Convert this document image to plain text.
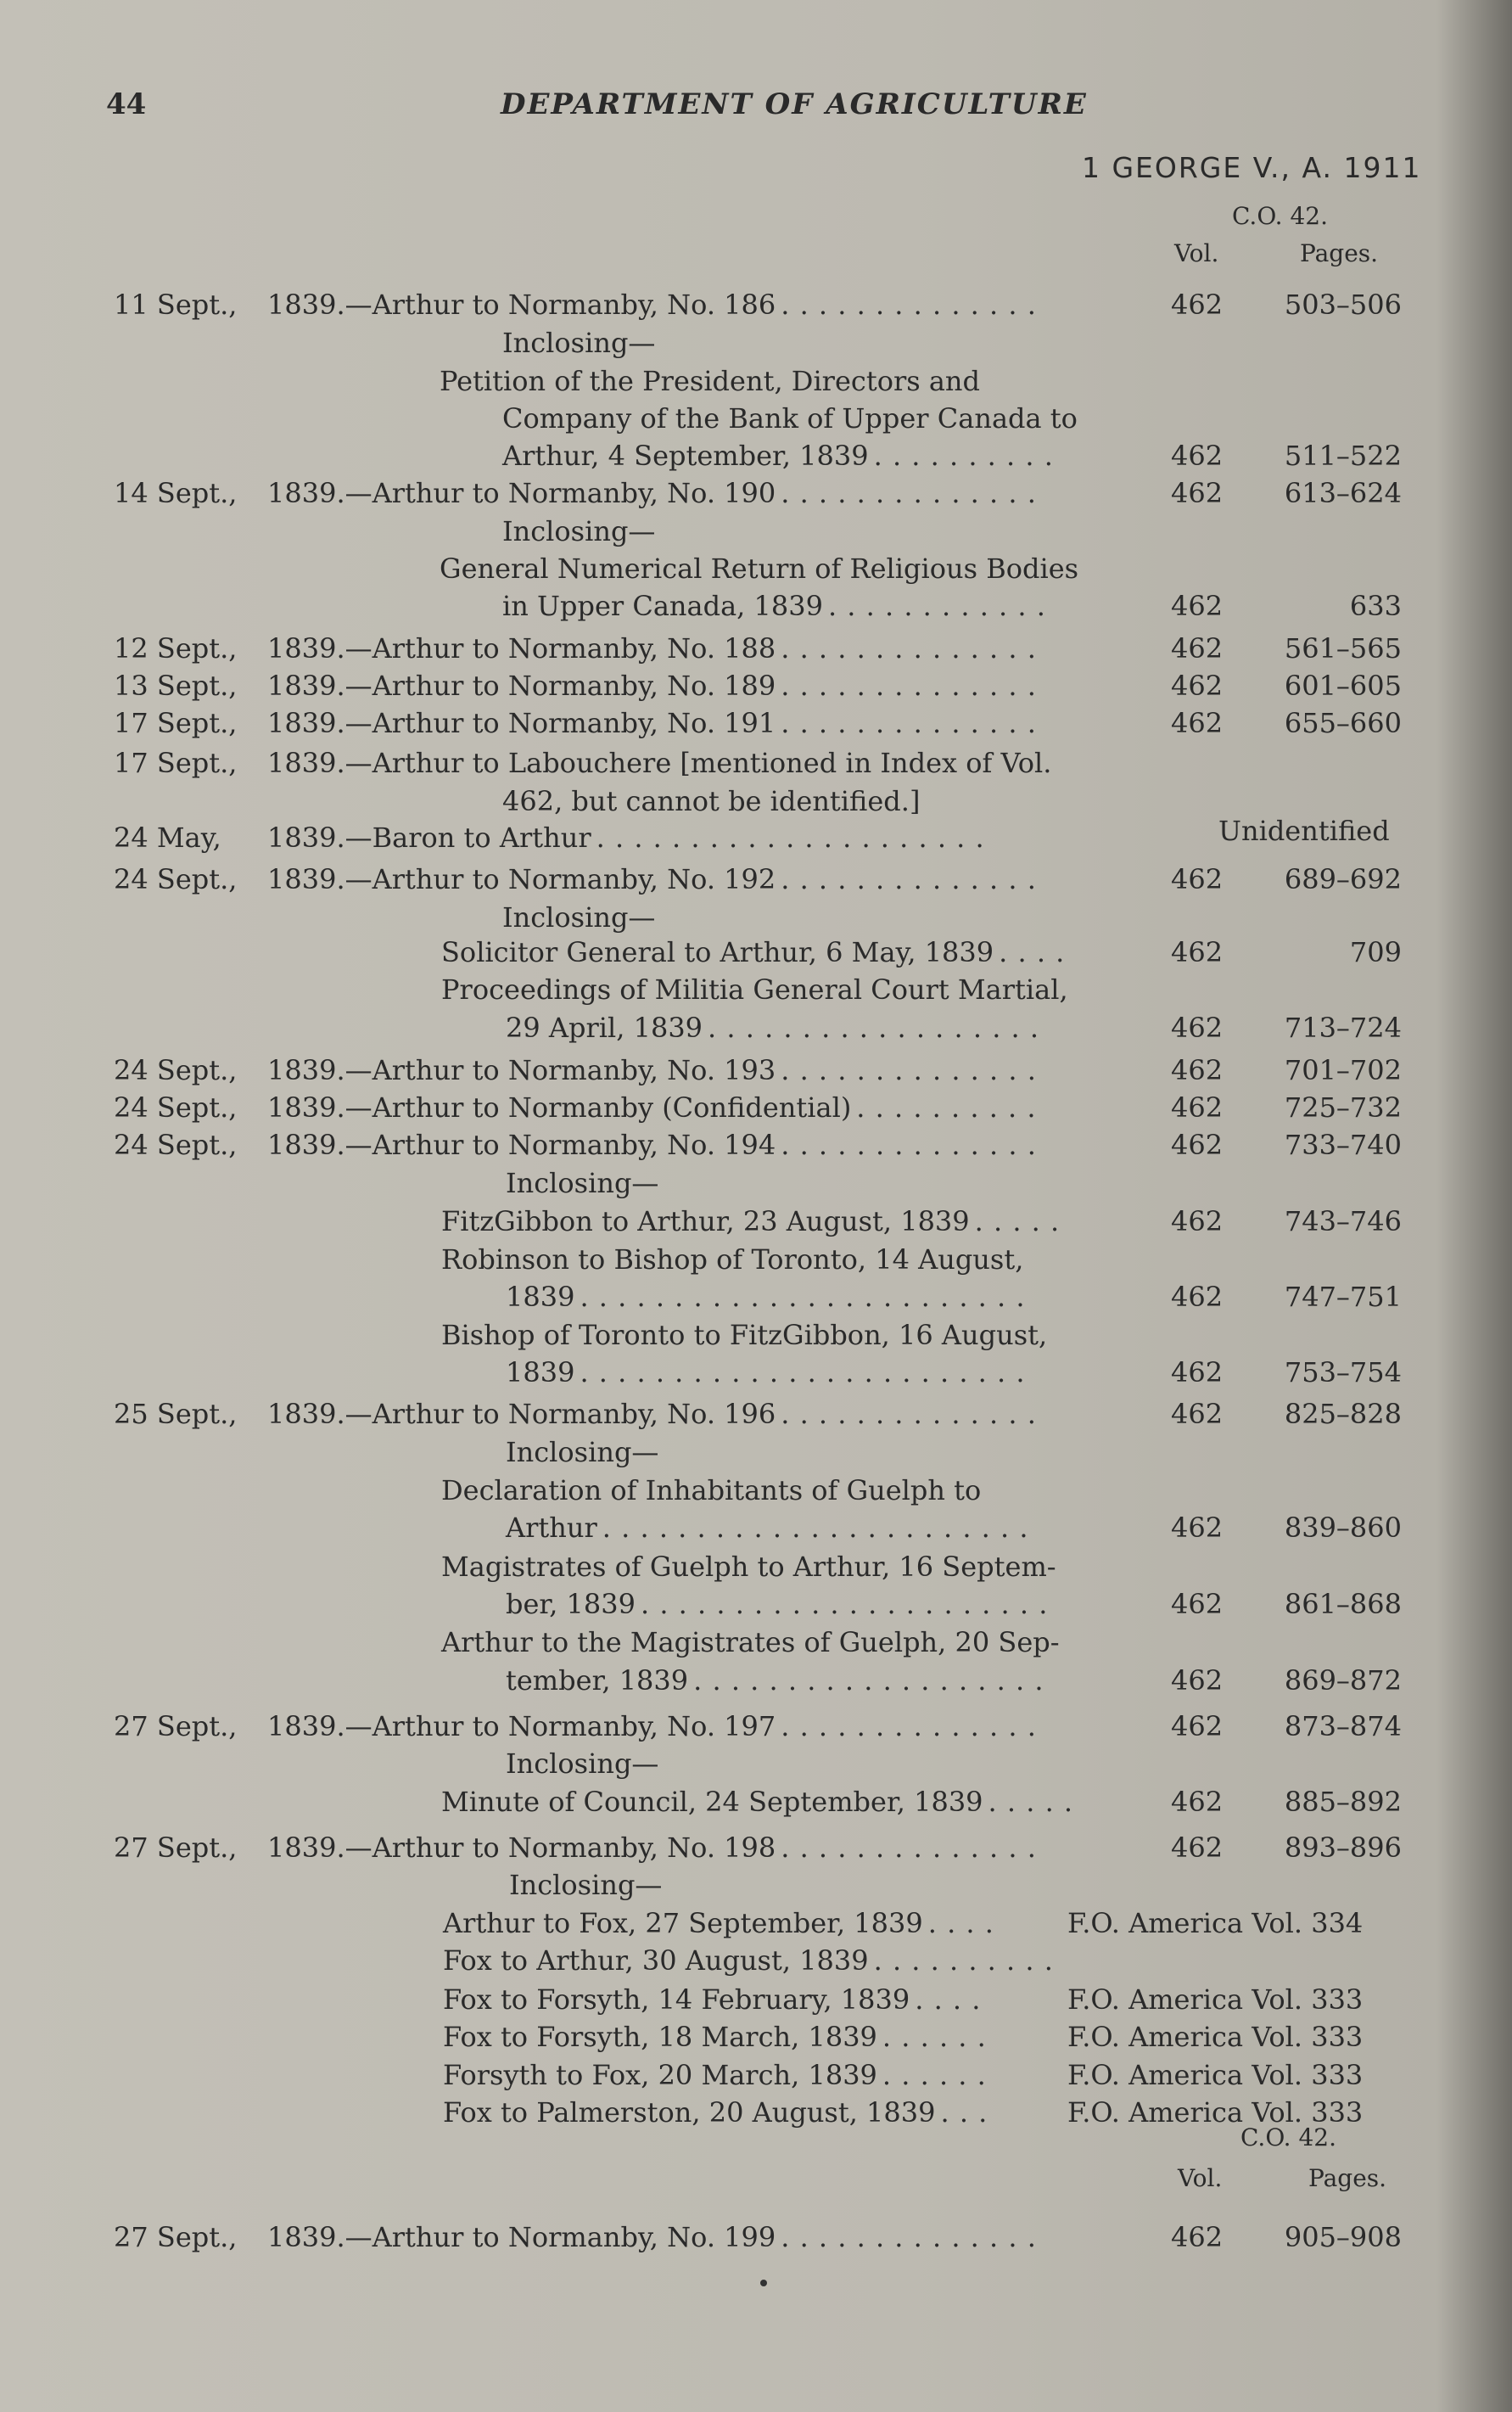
44	DEPARTMENT OF AGRICULTURE
1 GEORGE V., A. 1911
C.O. 42.
Vol.	Pages.
C.O. 42.
Vol.	Pages.
11 Sept.,	1839.—Arthur to Normanby, No. 186 . . . . . . . . . . . . . .	462	503–506
Inclosing—
Petition of the President, Directors and
Company of the Bank of Upper Canada to
Arthur, 4 September, 1839 . . . . . . . . . .	462	511–522
14 Sept.,	1839.—Arthur to Normanby, No. 190 . . . . . . . . . . . . . .	462	613–624
Inclosing—
General Numerical Return of Religious Bodies
in Upper Canada, 1839 . . . . . . . . . . . .	462	633
12 Sept.,	1839.—Arthur to Normanby, No. 188 . . . . . . . . . . . . . .	462	561–565
13 Sept.,	1839.—Arthur to Normanby, No. 189 . . . . . . . . . . . . . .	462	601–605
17 Sept.,	1839.—Arthur to Normanby, No. 191 . . . . . . . . . . . . . .	462	655–660
17 Sept.,	1839.—Arthur to Labouchere [mentioned in Index of Vol.
462, but cannot be identified.]
24 May,	1839.—Baron to Arthur . . . . . . . . . . . . . . . . . . . . .	Unidentified
24 Sept.,	1839.—Arthur to Normanby, No. 192 . . . . . . . . . . . . . .	462	689–692
Inclosing—
Solicitor General to Arthur, 6 May, 1839 . . . .	462	709
Proceedings of Militia General Court Martial,
29 April, 1839 . . . . . . . . . . . . . . . . . .	462	713–724
24 Sept.,	1839.—Arthur to Normanby, No. 193 . . . . . . . . . . . . . .	462	701–702
24 Sept.,	1839.—Arthur to Normanby (Confidential) . . . . . . . . . .	462	725–732
24 Sept.,	1839.—Arthur to Normanby, No. 194 . . . . . . . . . . . . . .	462	733–740
Inclosing—
FitzGibbon to Arthur, 23 August, 1839 . . . . .	462	743–746
Robinson to Bishop of Toronto, 14 August,
1839 . . . . . . . . . . . . . . . . . . . . . . . .	462	747–751
Bishop of Toronto to FitzGibbon, 16 August,
1839 . . . . . . . . . . . . . . . . . . . . . . . .	462	753–754
25 Sept.,	1839.—Arthur to Normanby, No. 196 . . . . . . . . . . . . . .	462	825–828
Inclosing—
Declaration of Inhabitants of Guelph to
Arthur . . . . . . . . . . . . . . . . . . . . . . .	462	839–860
Magistrates of Guelph to Arthur, 16 Septem-
ber, 1839 . . . . . . . . . . . . . . . . . . . . . .	462	861–868
Arthur to the Magistrates of Guelph, 20 Sep-
tember, 1839 . . . . . . . . . . . . . . . . . . .	462	869–872
27 Sept.,	1839.—Arthur to Normanby, No. 197 . . . . . . . . . . . . . .	462	873–874
Inclosing—
Minute of Council, 24 September, 1839 . . . . .	462	885–892
27 Sept.,	1839.—Arthur to Normanby, No. 198 . . . . . . . . . . . . . .	462	893–896
Inclosing—
Arthur to Fox, 27 September, 1839 . . . .	F.O. America Vol. 334
Fox to Arthur, 30 August, 1839 . . . . . . . . . .
Fox to Forsyth, 14 February, 1839 . . . .	F.O. America Vol. 333
Fox to Forsyth, 18 March, 1839 . . . . . .	F.O. America Vol. 333
Forsyth to Fox, 20 March, 1839 . . . . . .	F.O. America Vol. 333
Fox to Palmerston, 20 August, 1839 . . .	F.O. America Vol. 333
27 Sept.,	1839.—Arthur to Normanby, No. 199 . . . . . . . . . . . . . .	462	905–908
